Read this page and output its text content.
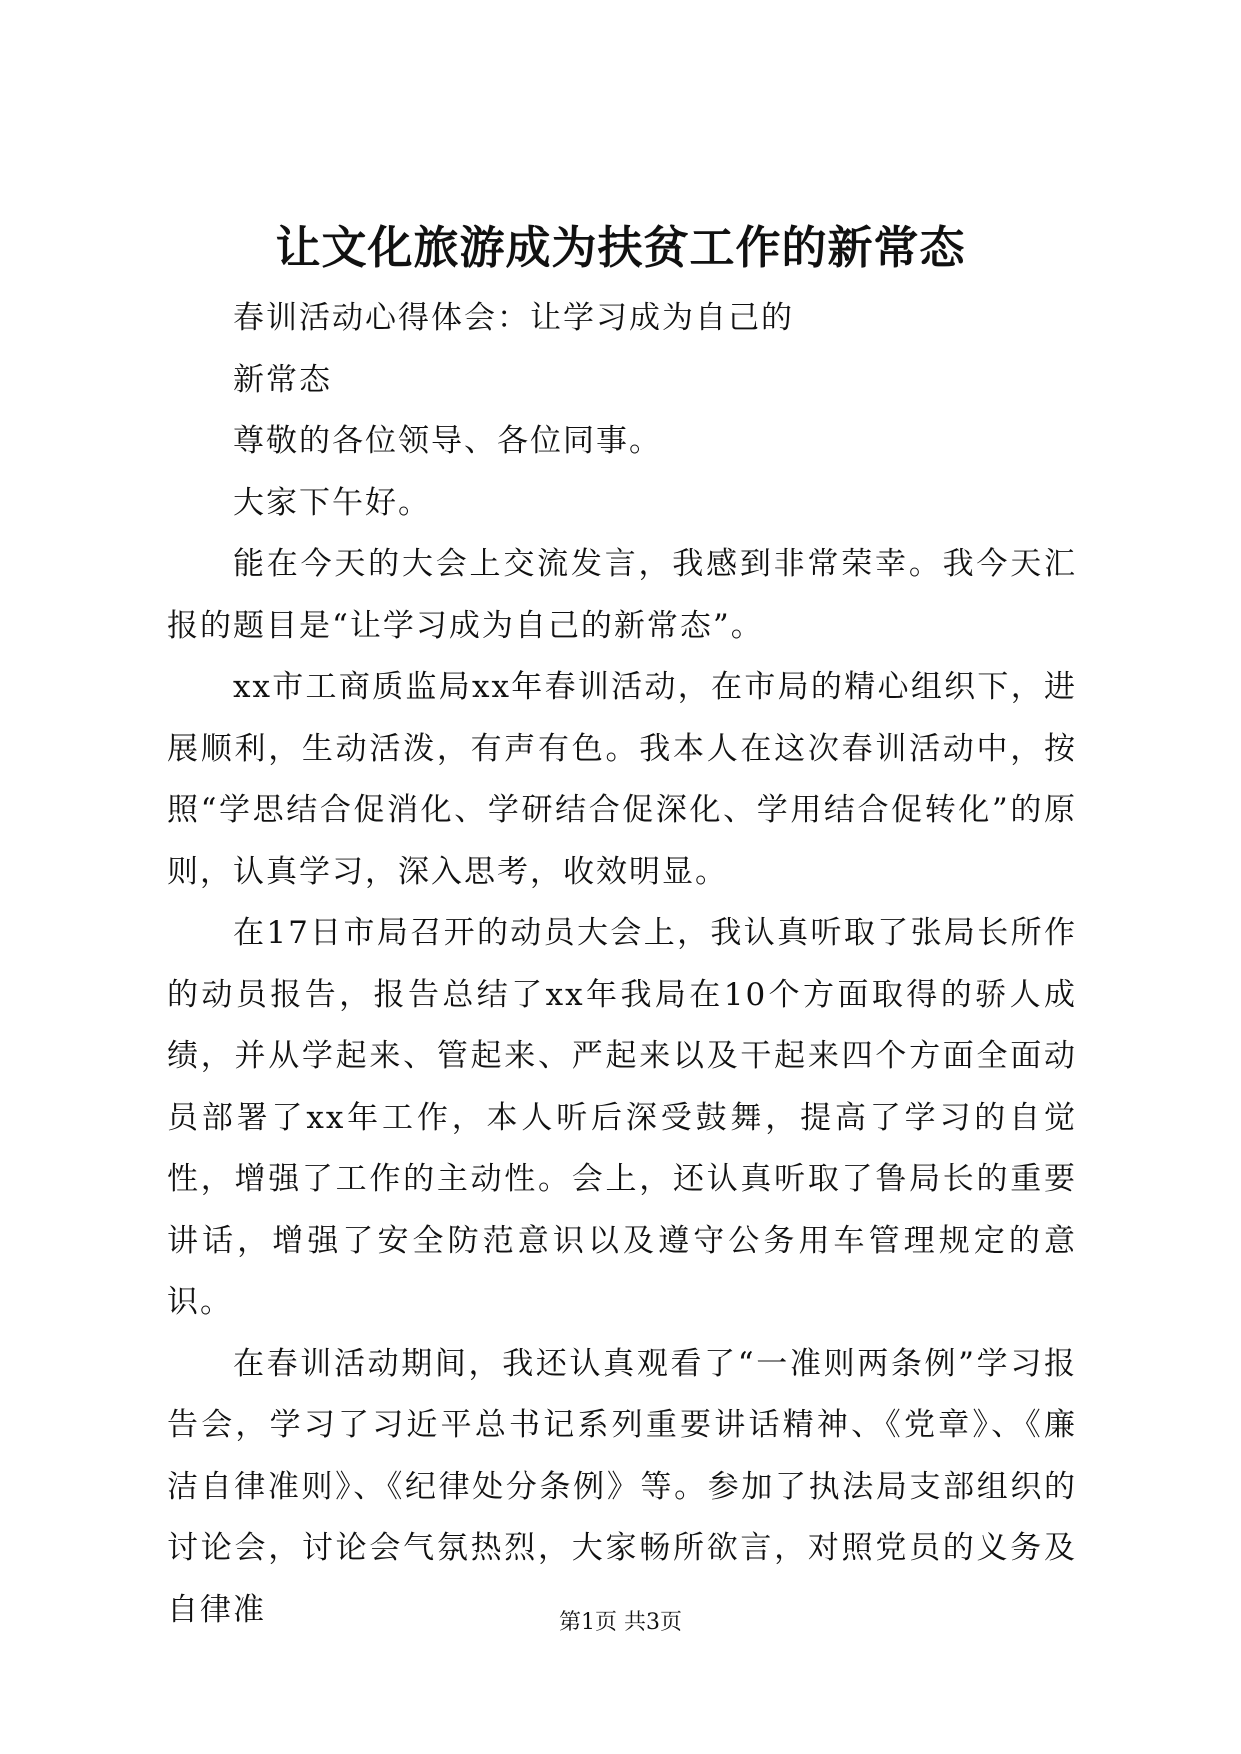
让文化旅游成为扶贫工作的新常态

春训活动心得体会：让学习成为自己的

新常态

尊敬的各位领导、各位同事。

大家下午好。

能在今天的大会上交流发言，我感到非常荣幸。我今天汇报的题目是“让学习成为自己的新常态”。

xx市工商质监局xx年春训活动，在市局的精心组织下，进展顺利，生动活泼，有声有色。我本人在这次春训活动中，按照“学思结合促消化、学研结合促深化、学用结合促转化”的原则，认真学习，深入思考，收效明显。

在17日市局召开的动员大会上，我认真听取了张局长所作的动员报告，报告总结了xx年我局在10个方面取得的骄人成绩，并从学起来、管起来、严起来以及干起来四个方面全面动员部署了xx年工作，本人听后深受鼓舞，提高了学习的自觉性，增强了工作的主动性。会上，还认真听取了鲁局长的重要讲话，增强了安全防范意识以及遵守公务用车管理规定的意识。

在春训活动期间，我还认真观看了“一准则两条例”学习报告会，学习了习近平总书记系列重要讲话精神、《党章》、《廉洁自律准则》、《纪律处分条例》等。参加了执法局支部组织的讨论会，讨论会气氛热烈，大家畅所欲言，对照党员的义务及自律准	第1页 共3页
